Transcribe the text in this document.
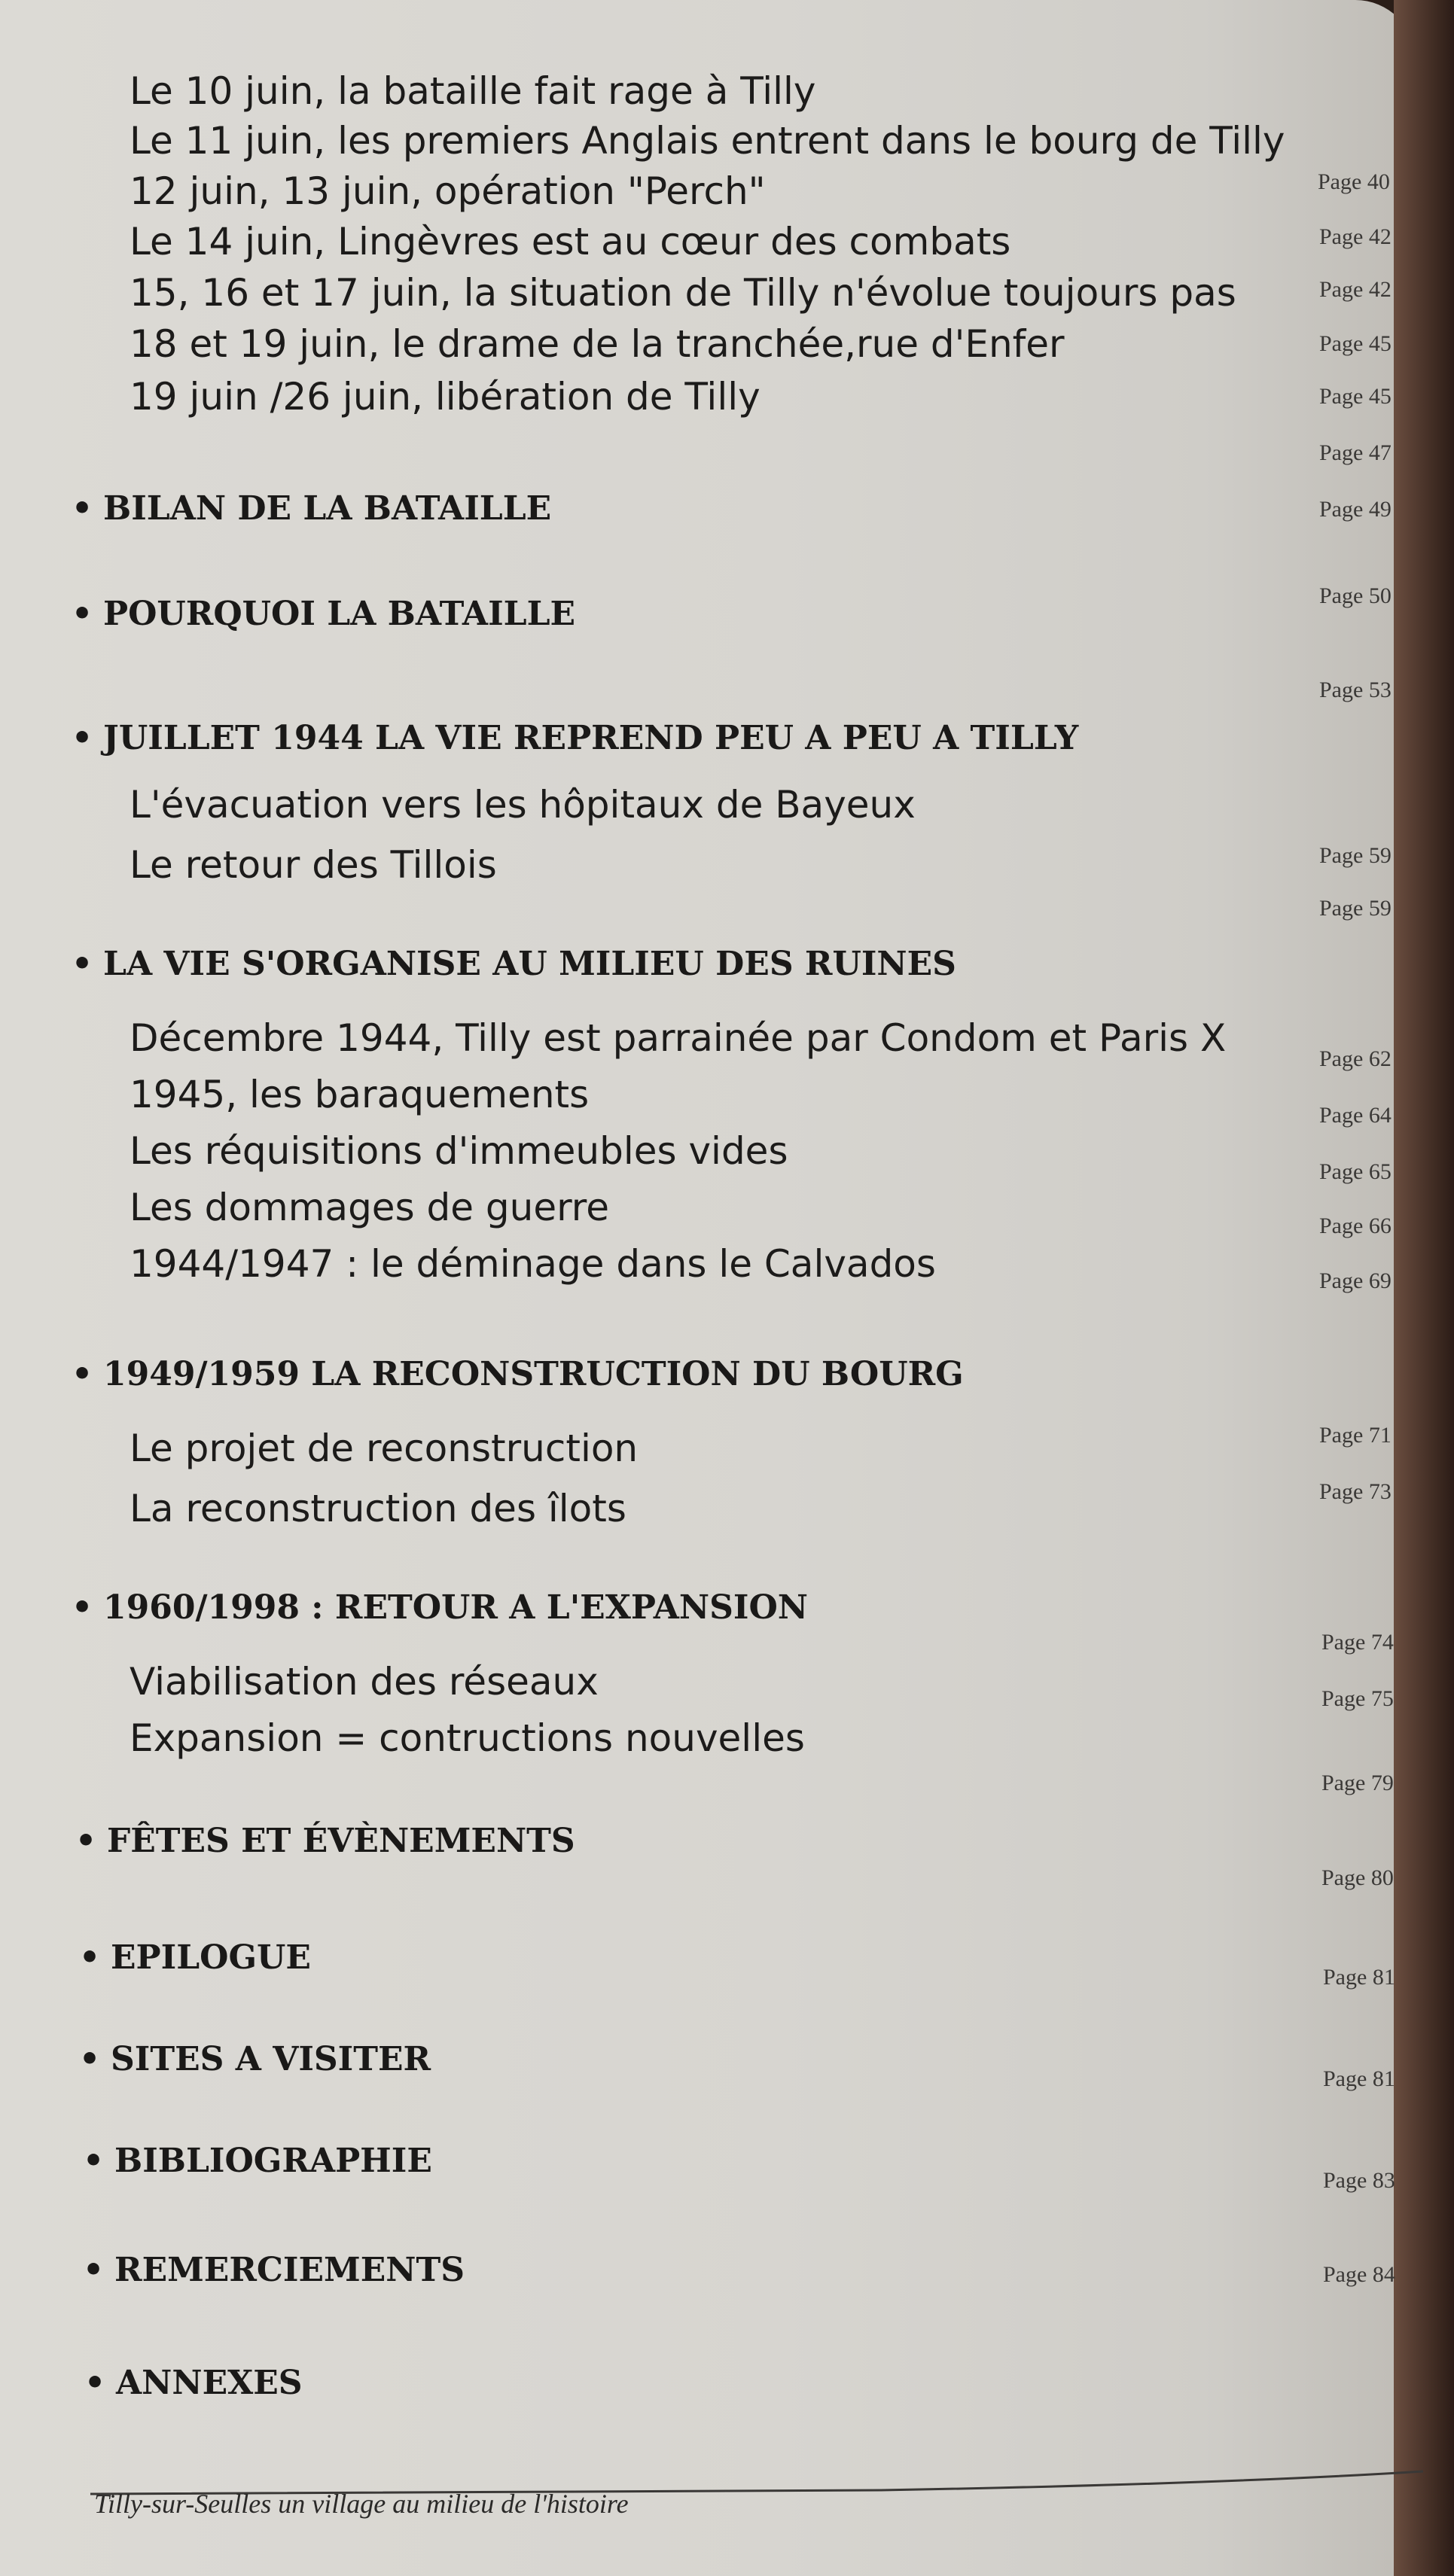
Le 10 juin, la bataille fait rage à Tilly
Le 11 juin, les premiers Anglais entrent dans le bourg de Tilly
12 juin, 13 juin, opération "Perch"
Le 14 juin, Lingèvres est au cœur des combats
15, 16 et 17 juin, la situation de Tilly n'évolue toujours pas
18 et 19 juin, le drame de la tranchée,rue d'Enfer
19 juin /26 juin, libération de Tilly
• BILAN DE LA BATAILLE
• POURQUOI LA BATAILLE
• JUILLET 1944 LA VIE REPREND PEU A PEU A TILLY
L'évacuation vers les hôpitaux de Bayeux
Le retour des Tillois
• LA VIE S'ORGANISE AU MILIEU DES RUINES
Décembre 1944, Tilly est parrainée par Condom et Paris X
1945, les baraquements
Les réquisitions d'immeubles vides
Les dommages de guerre
1944/1947 : le déminage dans le Calvados
• 1949/1959 LA RECONSTRUCTION DU BOURG
Le projet de reconstruction
La reconstruction des îlots
• 1960/1998 : RETOUR A L'EXPANSION
Viabilisation des réseaux
Expansion = contructions nouvelles
• FÊTES ET ÉVÈNEMENTS
• EPILOGUE
• SITES A VISITER
• BIBLIOGRAPHIE
• REMERCIEMENTS
• ANNEXES
Page 40
Page 42
Page 42
Page 45
Page 45
Page 47
Page 49
Page 50
Page 53
Page 59
Page 59
Page 62
Page 64
Page 65
Page 66
Page 69
Page 71
Page 73
Page 74
Page 75
Page 79
Page 80
Page 81
Page 81
Page 83
Page 84
Tilly-sur-Seulles un village au milieu de l'histoire
